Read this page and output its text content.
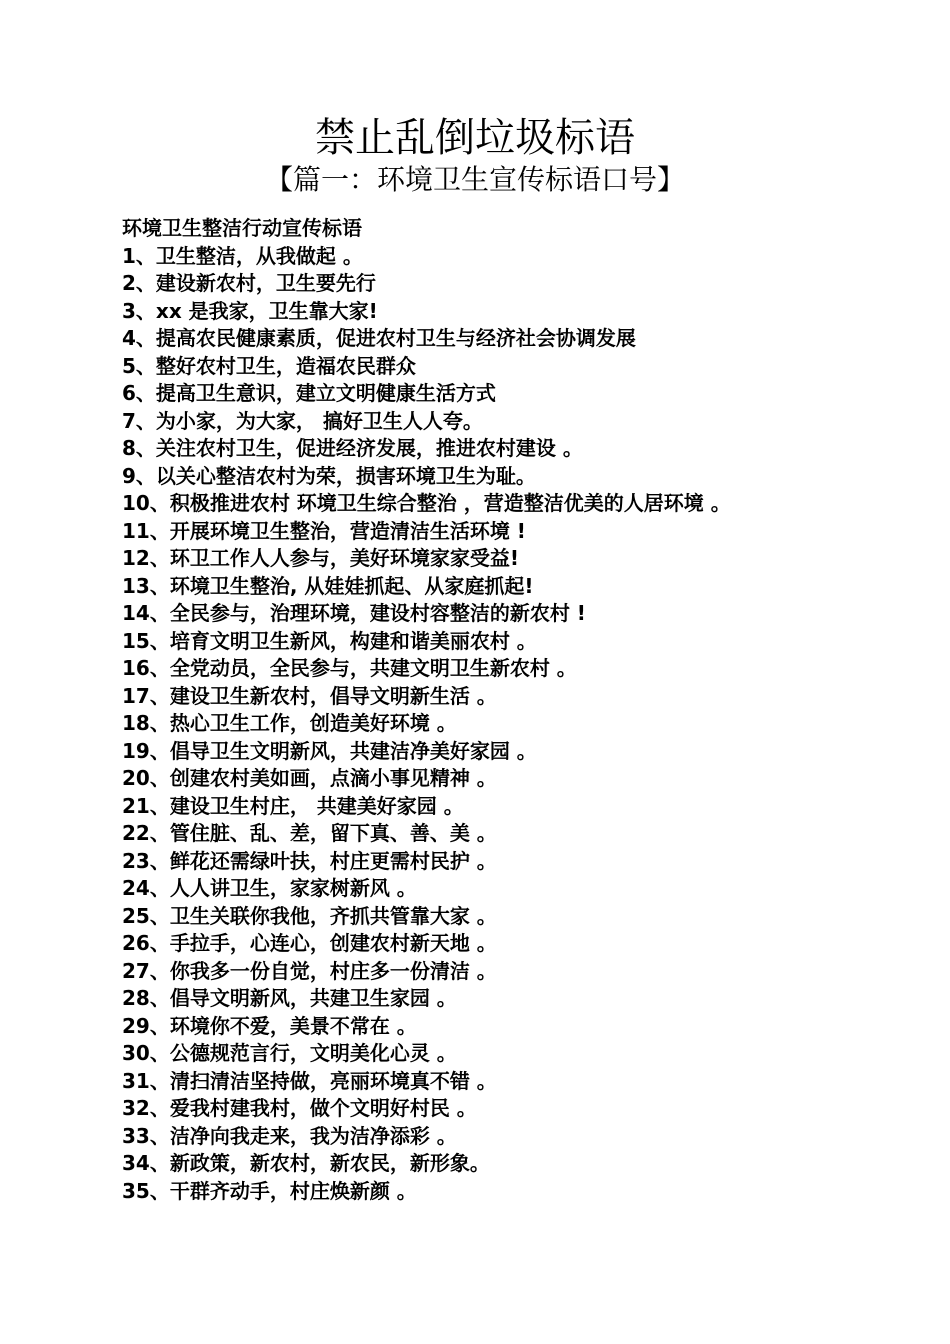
禁止乱倒垃圾标语
【篇一：环境卫生宣传标语口号】
环境卫生整洁行动宣传标语
1、卫生整洁，从我做起 。
2、建设新农村，卫生要先行
3、xx 是我家，卫生靠大家!
4、提高农民健康素质，促进农村卫生与经济社会协调发展
5、整好农村卫生，造福农民群众
6、提高卫生意识，建立文明健康生活方式
7、为小家，为大家， 搞好卫生人人夸。
8、关注农村卫生，促进经济发展，推进农村建设 。
9、以关心整洁农村为荣，损害环境卫生为耻。
10、积极推进农村 环境卫生综合整治 ，营造整洁优美的人居环境 。
11、开展环境卫生整治，营造清洁生活环境 !
12、环卫工作人人参与，美好环境家家受益!
13、环境卫生整治, 从娃娃抓起、从家庭抓起!
14、全民参与，治理环境，建设村容整洁的新农村 !
15、培育文明卫生新风，构建和谐美丽农村 。
16、全党动员，全民参与，共建文明卫生新农村 。
17、建设卫生新农村，倡导文明新生活 。
18、热心卫生工作，创造美好环境 。
19、倡导卫生文明新风，共建洁净美好家园 。
20、创建农村美如画，点滴小事见精神 。
21、建设卫生村庄， 共建美好家园 。
22、管住脏、乱、差，留下真、善、美 。
23、鲜花还需绿叶扶，村庄更需村民护 。
24、人人讲卫生，家家树新风 。
25、卫生关联你我他，齐抓共管靠大家 。
26、手拉手，心连心，创建农村新天地 。
27、你我多一份自觉，村庄多一份清洁 。
28、倡导文明新风，共建卫生家园 。
29、环境你不爱，美景不常在 。
30、公德规范言行，文明美化心灵 。
31、清扫清洁坚持做，亮丽环境真不错 。
32、爱我村建我村，做个文明好村民 。
33、洁净向我走来，我为洁净添彩 。
34、新政策，新农村，新农民，新形象。
35、干群齐动手，村庄焕新颜 。
